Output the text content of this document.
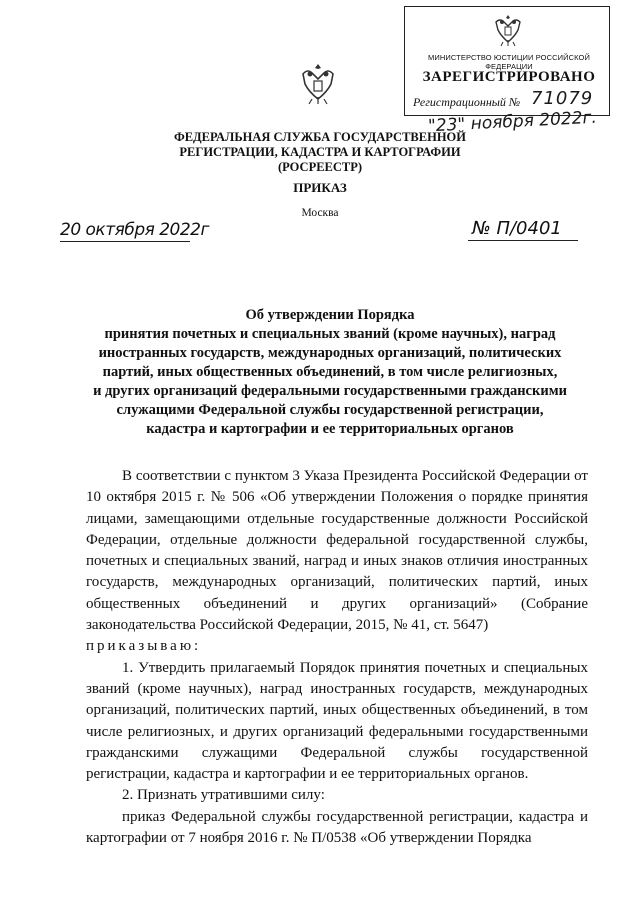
МИНИСТЕРСТВО ЮСТИЦИИ РОССИЙСКОЙ ФЕДЕРАЦИИ
ЗАРЕГИСТРИРОВАНО
Регистрационный № 71079
"23" ноября 2022г.
ФЕДЕРАЛЬНАЯ СЛУЖБА ГОСУДАРСТВЕННОЙ
РЕГИСТРАЦИИ, КАДАСТРА И КАРТОГРАФИИ
(РОСРЕЕСТР)
ПРИКАЗ
Москва
20 октября 2022г	№ П/0401
Об утверждении Порядка
принятия почетных и специальных званий (кроме научных), наград
иностранных государств, международных организаций, политических
партий, иных общественных объединений, в том числе религиозных,
и других организаций федеральными государственными гражданскими
служащими Федеральной службы государственной регистрации,
кадастра и картографии и ее территориальных органов

В соответствии с пунктом 3 Указа Президента Российской Федерации от 10 октября 2015 г. № 506 «Об утверждении Положения о порядке принятия лицами, замещающими отдельные государственные должности Российской Федерации, отдельные должности федеральной государственной службы, почетных и специальных званий, наград и иных знаков отличия иностранных государств, международных организаций, политических партий, иных общественных объединений и других организаций» (Собрание законодательства Российской Федерации, 2015, № 41, ст. 5647)

приказываю:

1. Утвердить прилагаемый Порядок принятия почетных и специальных званий (кроме научных), наград иностранных государств, международных организаций, политических партий, иных общественных объединений, в том числе религиозных, и других организаций федеральными государственными гражданскими служащими Федеральной службы государственной регистрации, кадастра и картографии и ее территориальных органов.

2. Признать утратившими силу:

приказ Федеральной службы государственной регистрации, кадастра и картографии от 7 ноября 2016 г. № П/0538 «Об утверждении Порядка
